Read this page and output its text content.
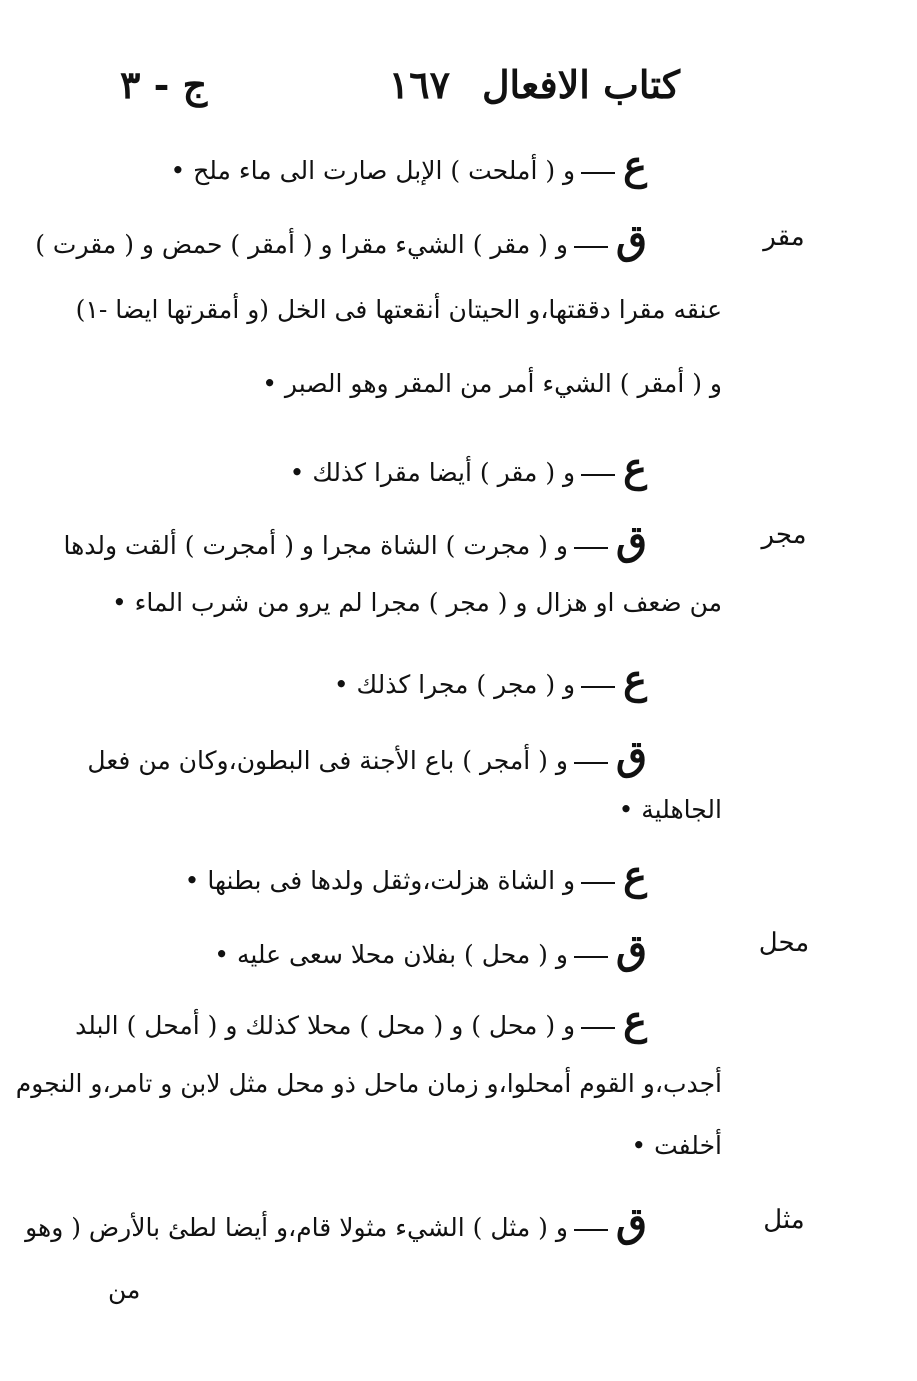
كتاب الافعال
١٦٧
ج - ٣
مقر
مجر
محل
مثل
عو ( أملحت ) الإبل صارت الى ماء ملح •
قو ( مقر ) الشيء مقرا و ( أمقر ) حمض و ( مقرت )
عنقه مقرا دققتها،و الحيتان أنقعتها فى الخل (و أمقرتها ايضا -١)
و ( أمقر ) الشيء أمر من المقر وهو الصبر •
عو ( مقر ) أيضا مقرا كذلك •
قو ( مجرت ) الشاة مجرا و ( أمجرت ) ألقت ولدها
من ضعف او هزال و ( مجر ) مجرا لم يرو من شرب الماء •
عو ( مجر ) مجرا كذلك •
قو ( أمجر ) باع الأجنة فى البطون،وكان من فعل
الجاهلية •
عو الشاة هزلت،وثقل ولدها فى بطنها •
قو ( محل ) بفلان محلا سعى عليه •
عو ( محل ) و ( محل ) محلا كذلك و ( أمحل ) البلد
أجدب،و القوم أمحلوا،و زمان ماحل ذو محل مثل لابن و تامر،و النجوم
أخلفت •
قو ( مثل ) الشيء مثولا قام،و أيضا لطئ بالأرض ( وهو
من
